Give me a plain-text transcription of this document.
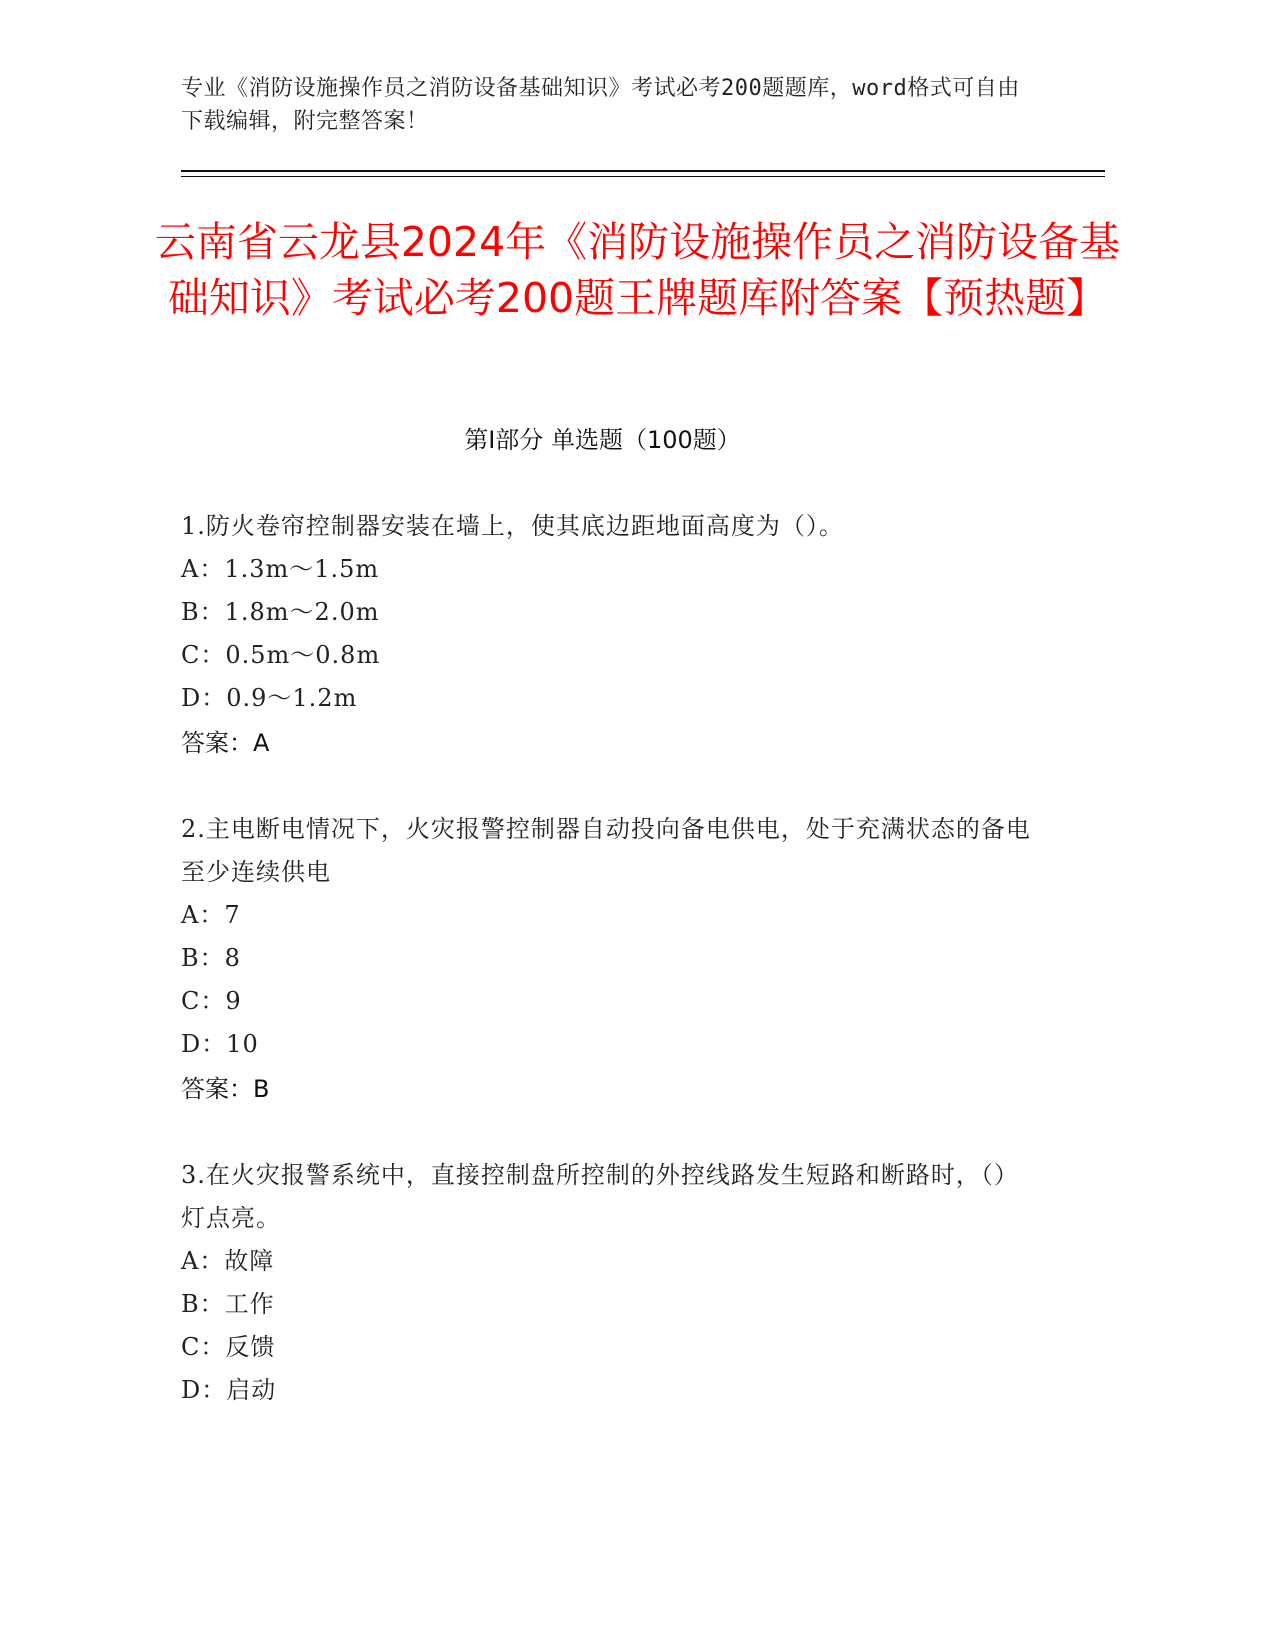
专业《消防设施操作员之消防设备基础知识》考试必考200题题库，word格式可自由下载编辑，附完整答案！
云南省云龙县2024年《消防设施操作员之消防设备基础知识》考试必考200题王牌题库附答案【预热题】
第I部分 单选题（100题）

1.防火卷帘控制器安装在墙上，使其底边距地面高度为（）。

A：1.3m～1.5m

B：1.8m～2.0m

C：0.5m～0.8m

D：0.9～1.2m

答案：A

2.主电断电情况下，火灾报警控制器自动投向备电供电，处于充满状态的备电至少连续供电

A：7

B：8

C：9

D：10

答案：B

3.在火灾报警系统中，直接控制盘所控制的外控线路发生短路和断路时，（）灯点亮。

A：故障

B：工作

C：反馈

D：启动
